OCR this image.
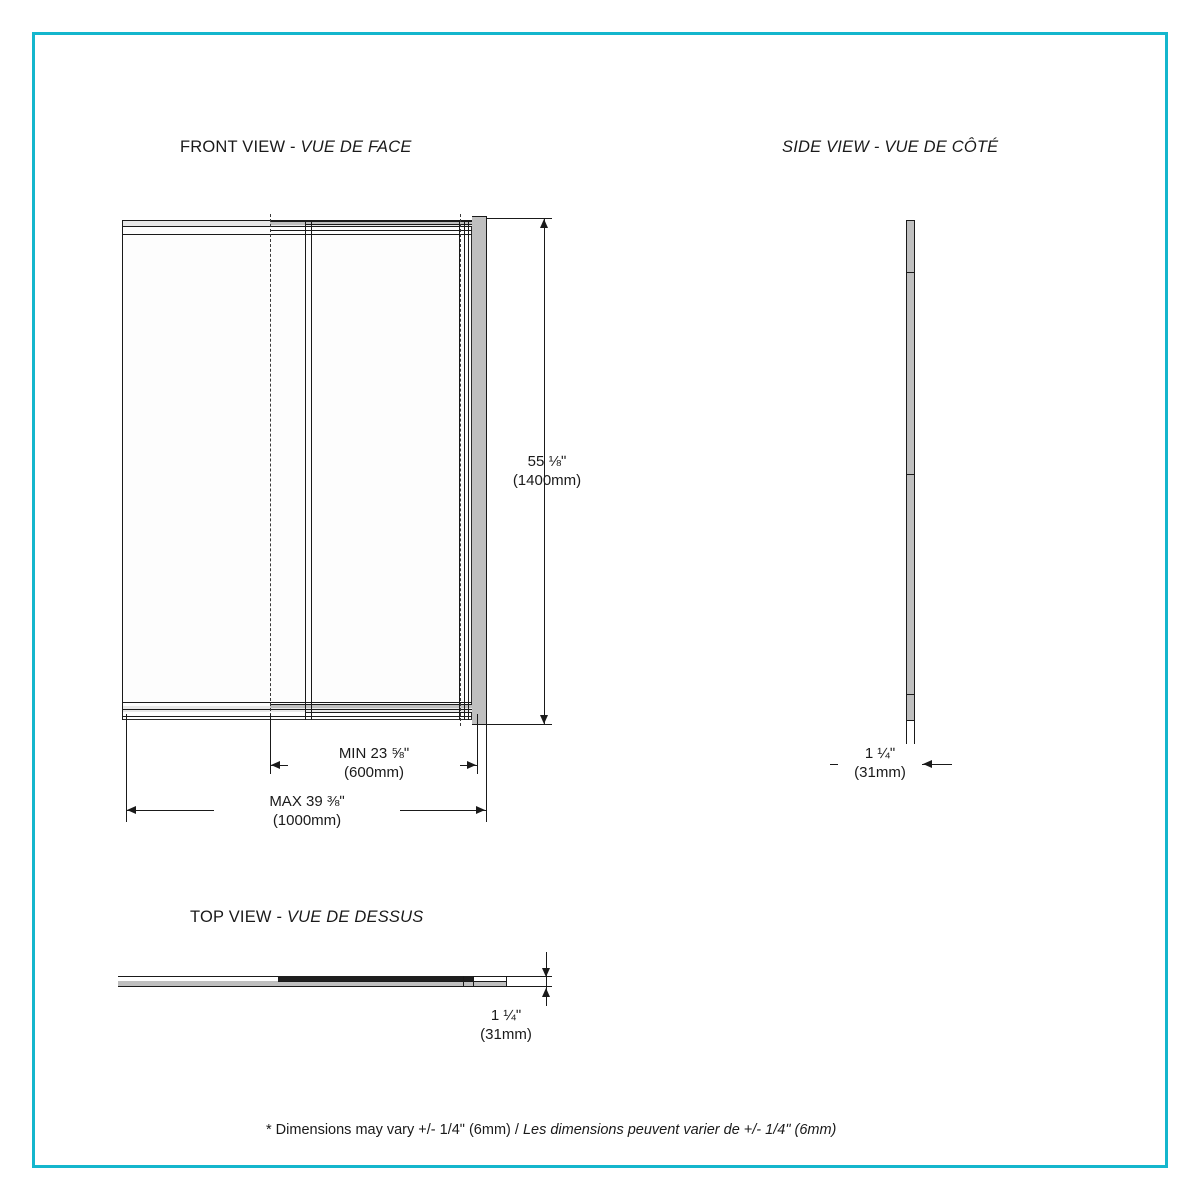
FRONT VIEW - VUE DE FACE	SIDE VIEW - VUE DE CÔTÉ
TOP VIEW - VUE DE DESSUS
55 ⅛ʺ
(1400mm)
MIN 23 ⅝ʺ
(600mm)
MAX 39 ⅜ʺ
(1000mm)
1 ¼ʺ
(31mm)
1 ¼ʺ
(31mm)
* Dimensions may vary +/- 1/4ʺ (6mm) / Les dimensions peuvent varier de +/- 1/4ʺ (6mm)
